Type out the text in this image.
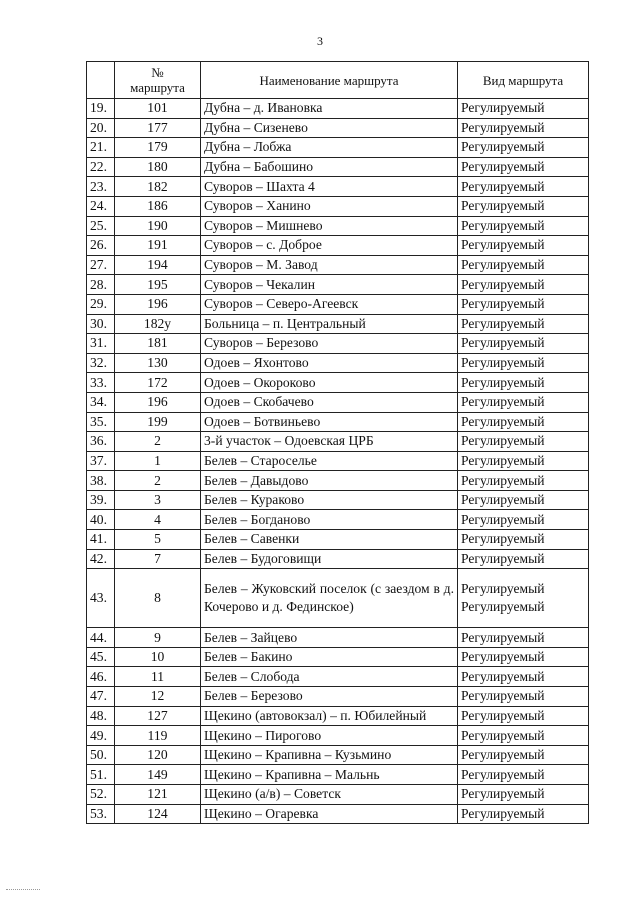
3
	№
маршрута	Наименование маршрута	Вид маршрута
19.	101	Дубна – д. Ивановка	Регулируемый
20.	177	Дубна – Сизенево	Регулируемый
21.	179	Дубна – Лобжа	Регулируемый
22.	180	Дубна – Бабошино	Регулируемый
23.	182	Суворов – Шахта 4	Регулируемый
24.	186	Суворов – Ханино	Регулируемый
25.	190	Суворов – Мишнево	Регулируемый
26.	191	Суворов – с. Доброе	Регулируемый
27.	194	Суворов – М. Завод	Регулируемый
28.	195	Суворов – Чекалин	Регулируемый
29.	196	Суворов – Северо-Агеевск	Регулируемый
30.	182у	Больница – п. Центральный	Регулируемый
31.	181	Суворов – Березово	Регулируемый
32.	130	Одоев – Яхонтово	Регулируемый
33.	172	Одоев – Окороково	Регулируемый
34.	196	Одоев – Скобачево	Регулируемый
35.	199	Одоев – Ботвиньево	Регулируемый
36.	2	3-й участок – Одоевская ЦРБ	Регулируемый
37.	1	Белев – Староселье	Регулируемый
38.	2	Белев – Давыдово	Регулируемый
39.	3	Белев – Кураково	Регулируемый
40.	4	Белев – Богданово	Регулируемый
41.	5	Белев – Савенки	Регулируемый
42.	7	Белев – Будоговищи	Регулируемый
43.	8	Белев – Жуковский поселок (с заездом в д. Кочерово и д. Фединское)	Регулируемый
Регулируемый

44.	9	Белев – Зайцево	Регулируемый
45.	10	Белев – Бакино	Регулируемый
46.	11	Белев – Слобода	Регулируемый
47.	12	Белев – Березово	Регулируемый
48.	127	Щекино (автовокзал) – п. Юбилейный	Регулируемый
49.	119	Щекино – Пирогово	Регулируемый
50.	120	Щекино – Крапивна – Кузьмино	Регулируемый
51.	149	Щекино – Крапивна – Мальнь	Регулируемый
52.	121	Щекино (а/в) – Советск	Регулируемый
53.	124	Щекино – Огаревка	Регулируемый
